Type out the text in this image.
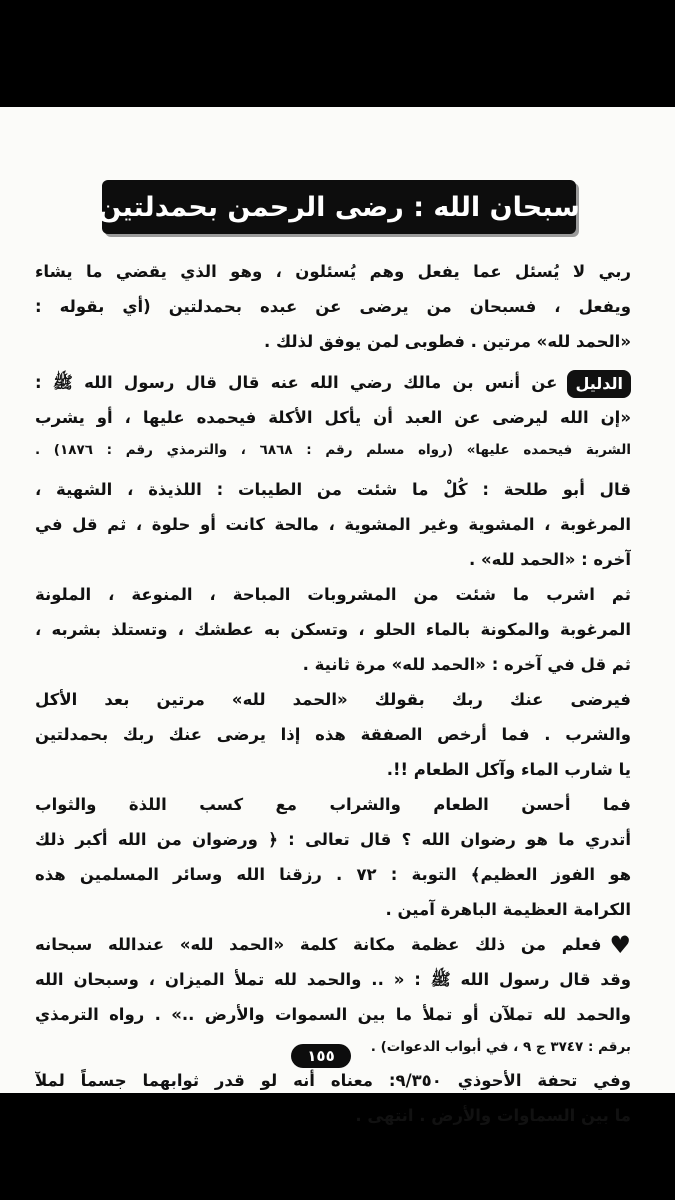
سبحان الله : رضى الرحمن بحمدلتين
ربي لا يُسئل عما يفعل وهم يُسئلون ، وهو الذي يقضي ما يشاء
ويفعل ، فسبحان من يرضى عن عبده بحمدلتين (أي بقوله :
«الحمد لله» مرتين . فطوبى لمن يوفق لذلك .
الدليلعن أنس بن مالك رضي الله عنه قال قال رسول الله ﷺ :
«إن الله ليرضى عن العبد أن يأكل الأكلة فيحمده عليها ، أو يشرب
الشربة فيحمده عليها» (رواه مسلم رقم : ٦٨٦٨ ، والترمذي رقم : ١٨٧٦) .
قال أبو طلحة : كُلْ ما شئت من الطيبات : اللذيذة ، الشهية ،
المرغوبة ، المشوية وغير المشوية ، مالحة كانت أو حلوة ، ثم قل في
آخره : «الحمد لله» .
ثم اشرب ما شئت من المشروبات المباحة ، المنوعة ، الملونة
المرغوبة والمكونة بالماء الحلو ، وتسكن به عطشك ، وتستلذ بشربه ،
ثم قل في آخره : «الحمد لله» مرة ثانية .
فيرضى عنك ربك بقولك «الحمد لله» مرتين بعد الأكل
والشرب . فما أرخص الصفقة هذه إذا يرضى عنك ربك بحمدلتين
يا شارب الماء وآكل الطعام !!.
فما أحسن الطعام والشراب مع كسب اللذة والثواب
أتدري ما هو رضوان الله ؟ قال تعالى : ﴿ ورضوان من الله أكبر ذلك
هو الفوز العظيم﴾ التوبة : ٧٢ . رزقنا الله وسائر المسلمين هذه
الكرامة العظيمة الباهرة آمين .
♥فعلم من ذلك عظمة مكانة كلمة «الحمد لله» عندالله سبحانه
وقد قال رسول الله ﷺ : « .. والحمد لله تملأ الميزان ، وسبحان الله
والحمد لله تملآن أو تملأ ما بين السموات والأرض ..» . رواه الترمذي
برقم : ٣٧٤٧ ج ٩ ، في أبواب الدعوات) .
وفي تحفة الأحوذي ٩/٣٥٠: معناه أنه لو قدر ثوابهما جسماً لملآ
ما بين السماوات والأرض . انتهى .
١٥٥
